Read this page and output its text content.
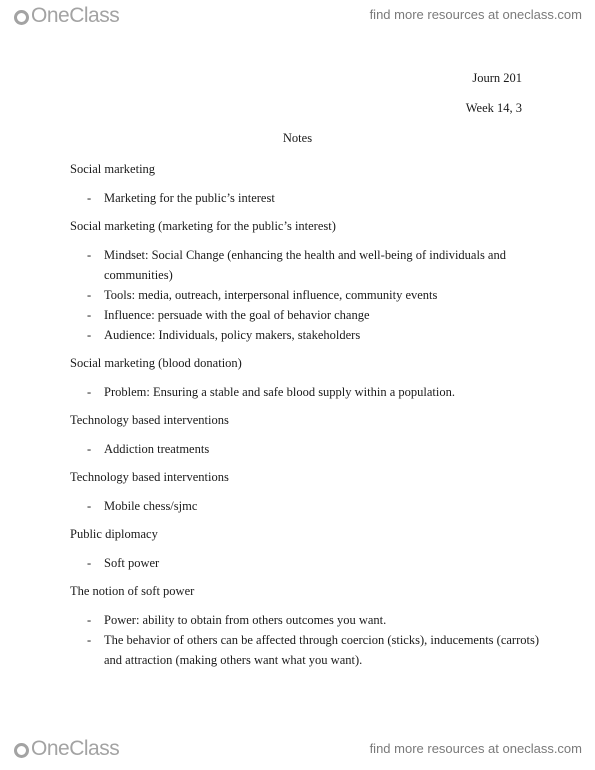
OneClass	find more resources at oneclass.com
Journ 201
Week 14, 3
Notes
Social marketing
- Marketing for the public’s interest
Social marketing (marketing for the public’s interest)
- Mindset: Social Change (enhancing the health and well-being of individuals and communities)
- Tools: media, outreach, interpersonal influence, community events
- Influence: persuade with the goal of behavior change
- Audience: Individuals, policy makers, stakeholders
Social marketing (blood donation)
- Problem: Ensuring a stable and safe blood supply within a population.
Technology based interventions
- Addiction treatments
Technology based interventions
- Mobile chess/sjmc
Public diplomacy
- Soft power
The notion of soft power
- Power: ability to obtain from others outcomes you want.
- The behavior of others can be affected through coercion (sticks), inducements (carrots) and attraction (making others want what you want).
OneClass	find more resources at oneclass.com
